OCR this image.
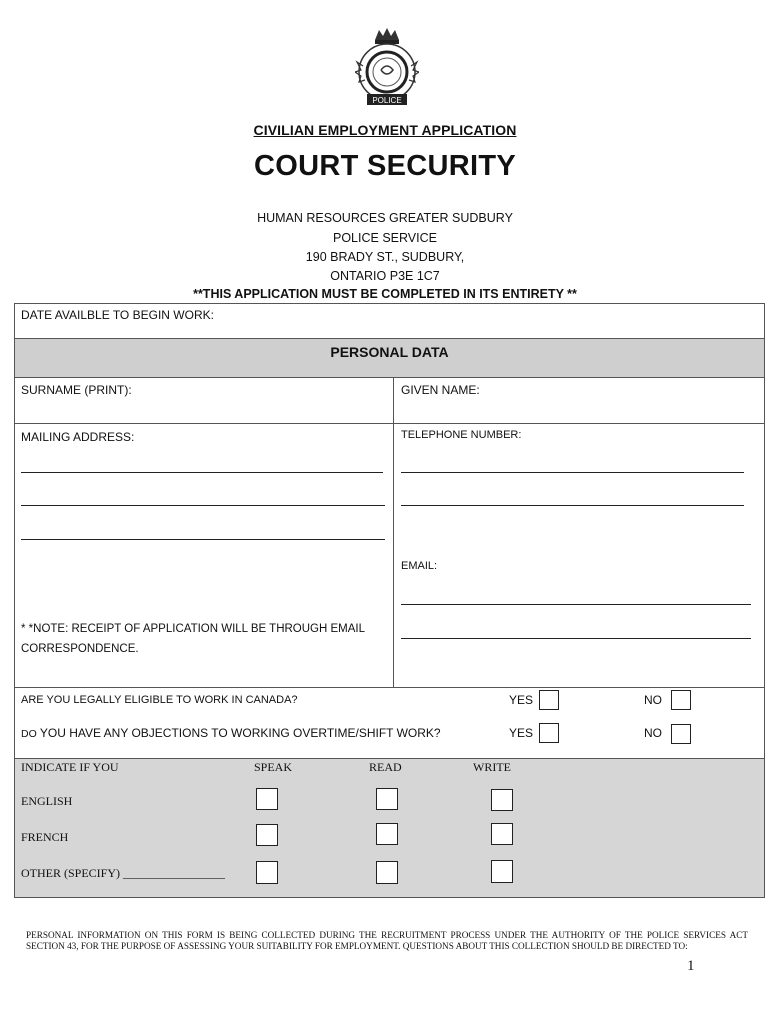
POLICE
CIVILIAN EMPLOYMENT APPLICATION
COURT SECURITY
HUMAN RESOURCES GREATER SUDBURY
POLICE SERVICE
190 BRADY ST., SUDBURY,
ONTARIO P3E 1C7
**THIS APPLICATION MUST BE COMPLETED IN ITS ENTIRETY **
DATE AVAILBLE TO BEGIN WORK:
PERSONAL DATA
SURNAME (PRINT):	GIVEN NAME:
MAILING ADDRESS:
* *NOTE: RECEIPT OF APPLICATION WILL BE THROUGH EMAIL
CORRESPONDENCE.
TELEPHONE NUMBER:
EMAIL:
ARE YOU LEGALLY ELIGIBLE TO WORK IN CANADA?	YES	NO
DO YOU HAVE ANY OBJECTIONS TO WORKING OVERTIME/SHIFT WORK?	YES	NO
INDICATE IF YOU	SPEAK	READ	WRITE
ENGLISH
FRENCH
OTHER (SPECIFY) _________________
PERSONAL INFORMATION ON THIS FORM IS BEING COLLECTED DURING THE RECRUITMENT PROCESS UNDER THE AUTHORITY OF THE POLICE SERVICES ACT SECTION 43, FOR THE PURPOSE OF ASSESSING YOUR SUITABILITY FOR EMPLOYMENT. QUESTIONS ABOUT THIS COLLECTION SHOULD BE DIRECTED TO:
1
